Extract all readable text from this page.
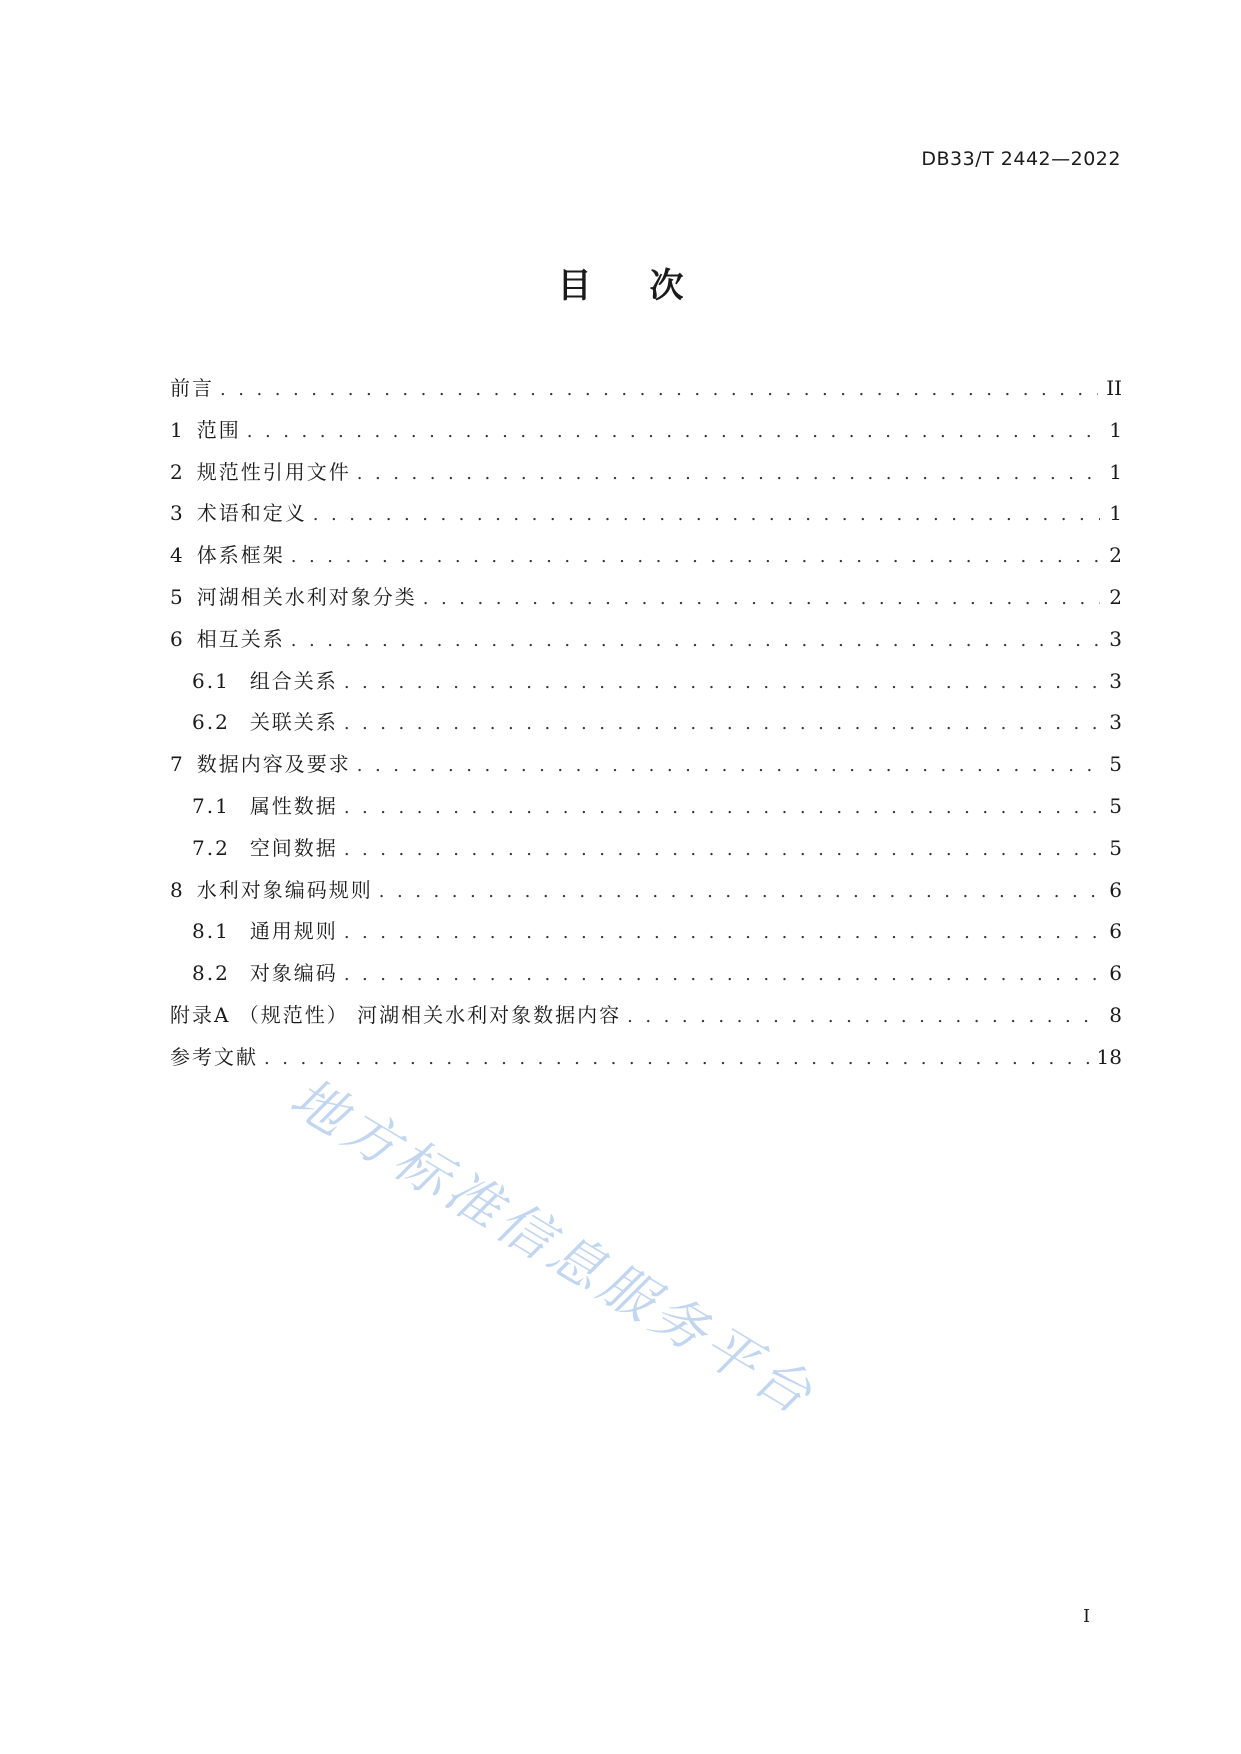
DB33/T 2442—2022
目次
前言 . . .	II
1 范围 . . .	1
2 规范性引用文件 . . .	1
3 术语和定义 . . .	1
4 体系框架 . . .	2
5 河湖相关水利对象分类 . . .	2
6 相互关系 . . .	3
6.1 组合关系 . . .	3
6.2 关联关系 . . .	3
7 数据内容及要求 . . .	5
7.1 属性数据 . . .	5
7.2 空间数据 . . .	5
8 水利对象编码规则 . . .	6
8.1 通用规则 . . .	6
8.2 对象编码 . . .	6
附录A （规范性） 河湖相关水利对象数据内容 . . .	8
参考文献 . . .	18
地方标准信息服务平台
I
